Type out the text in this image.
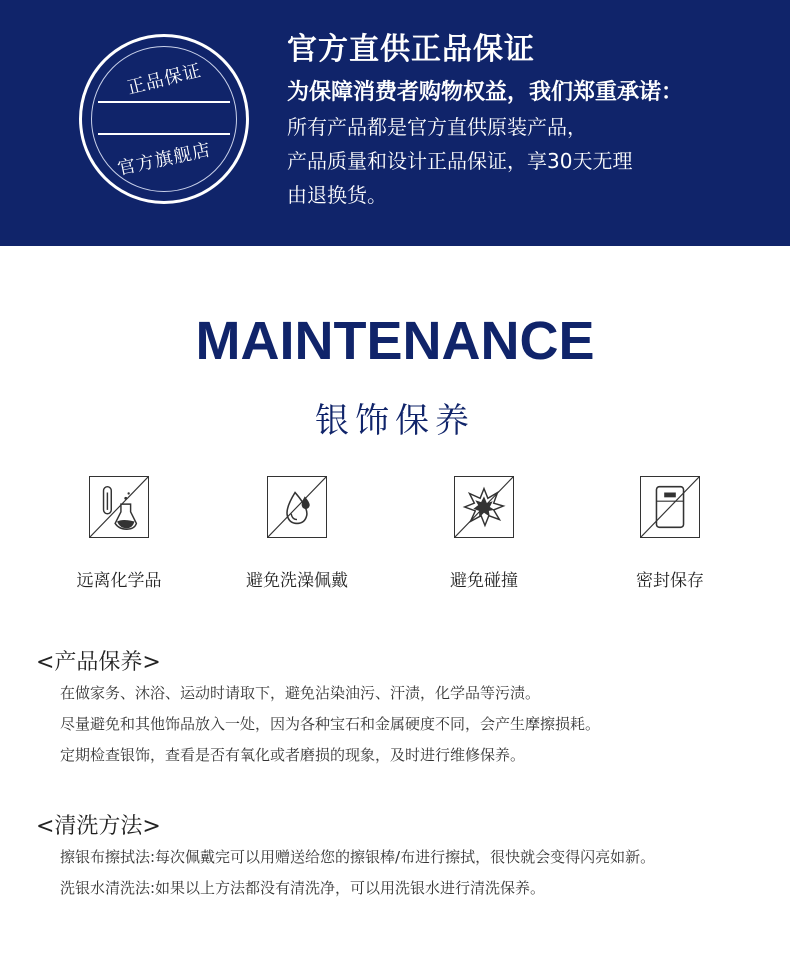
正品保证
官方旗舰店
官方直供正品保证
为保障消费者购物权益，我们郑重承诺：
所有产品都是官方直供原装产品，
产品质量和设计正品保证，享30天无理
由退换货。
MAINTENANCE
银饰保养
远离化学品	避免洗澡佩戴	避免碰撞	密封保存
<产品保养>
在做家务、沐浴、运动时请取下，避免沾染油污、汗渍，化学品等污渍。
尽量避免和其他饰品放入一处，因为各种宝石和金属硬度不同，会产生摩擦损耗。
定期检查银饰，查看是否有氧化或者磨损的现象，及时进行维修保养。
<清洗方法>
擦银布擦拭法:每次佩戴完可以用赠送给您的擦银棒/布进行擦拭，很快就会变得闪亮如新。
洗银水清洗法:如果以上方法都没有清洗净，可以用洗银水进行清洗保养。
